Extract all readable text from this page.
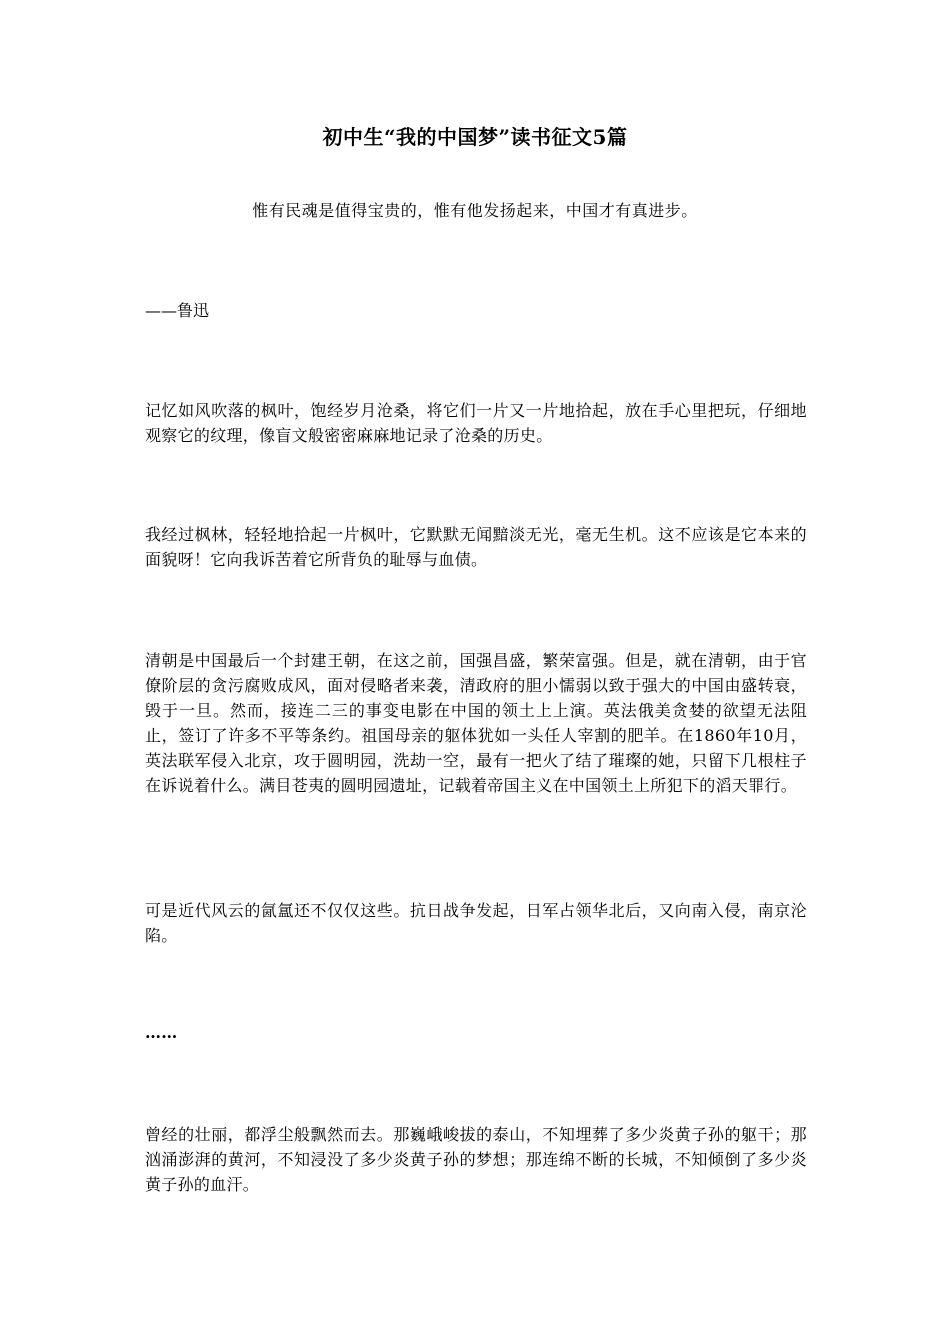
初中生“我的中国梦”读书征文5篇
惟有民魂是值得宝贵的，惟有他发扬起来，中国才有真进步。
——鲁迅

记忆如风吹落的枫叶，饱经岁月沧桑，将它们一片又一片地拾起，放在手心里把玩，仔细地观察它的纹理，像盲文般密密麻麻地记录了沧桑的历史。

我经过枫林，轻轻地拾起一片枫叶，它默默无闻黯淡无光，毫无生机。这不应该是它本来的面貌呀！它向我诉苦着它所背负的耻辱与血债。

清朝是中国最后一个封建王朝，在这之前，国强昌盛，繁荣富强。但是，就在清朝，由于官僚阶层的贪污腐败成风，面对侵略者来袭，清政府的胆小懦弱以致于强大的中国由盛转衰，毁于一旦。然而，接连二三的事变电影在中国的领土上上演。英法俄美贪婪的欲望无法阻止，签订了许多不平等条约。祖国母亲的躯体犹如一头任人宰割的肥羊。在1860年10月，英法联军侵入北京，攻于圆明园，洗劫一空，最有一把火了结了璀璨的她，只留下几根柱子在诉说着什么。满目苍夷的圆明园遗址，记载着帝国主义在中国领土上所犯下的滔天罪行。

可是近代风云的氤氲还不仅仅这些。抗日战争发起，日军占领华北后，又向南入侵，南京沦陷。

……

曾经的壮丽，都浮尘般飘然而去。那巍峨峻拔的泰山，不知埋葬了多少炎黄子孙的躯干；那汹涌澎湃的黄河，不知浸没了多少炎黄子孙的梦想；那连绵不断的长城，不知倾倒了多少炎黄子孙的血汗。
